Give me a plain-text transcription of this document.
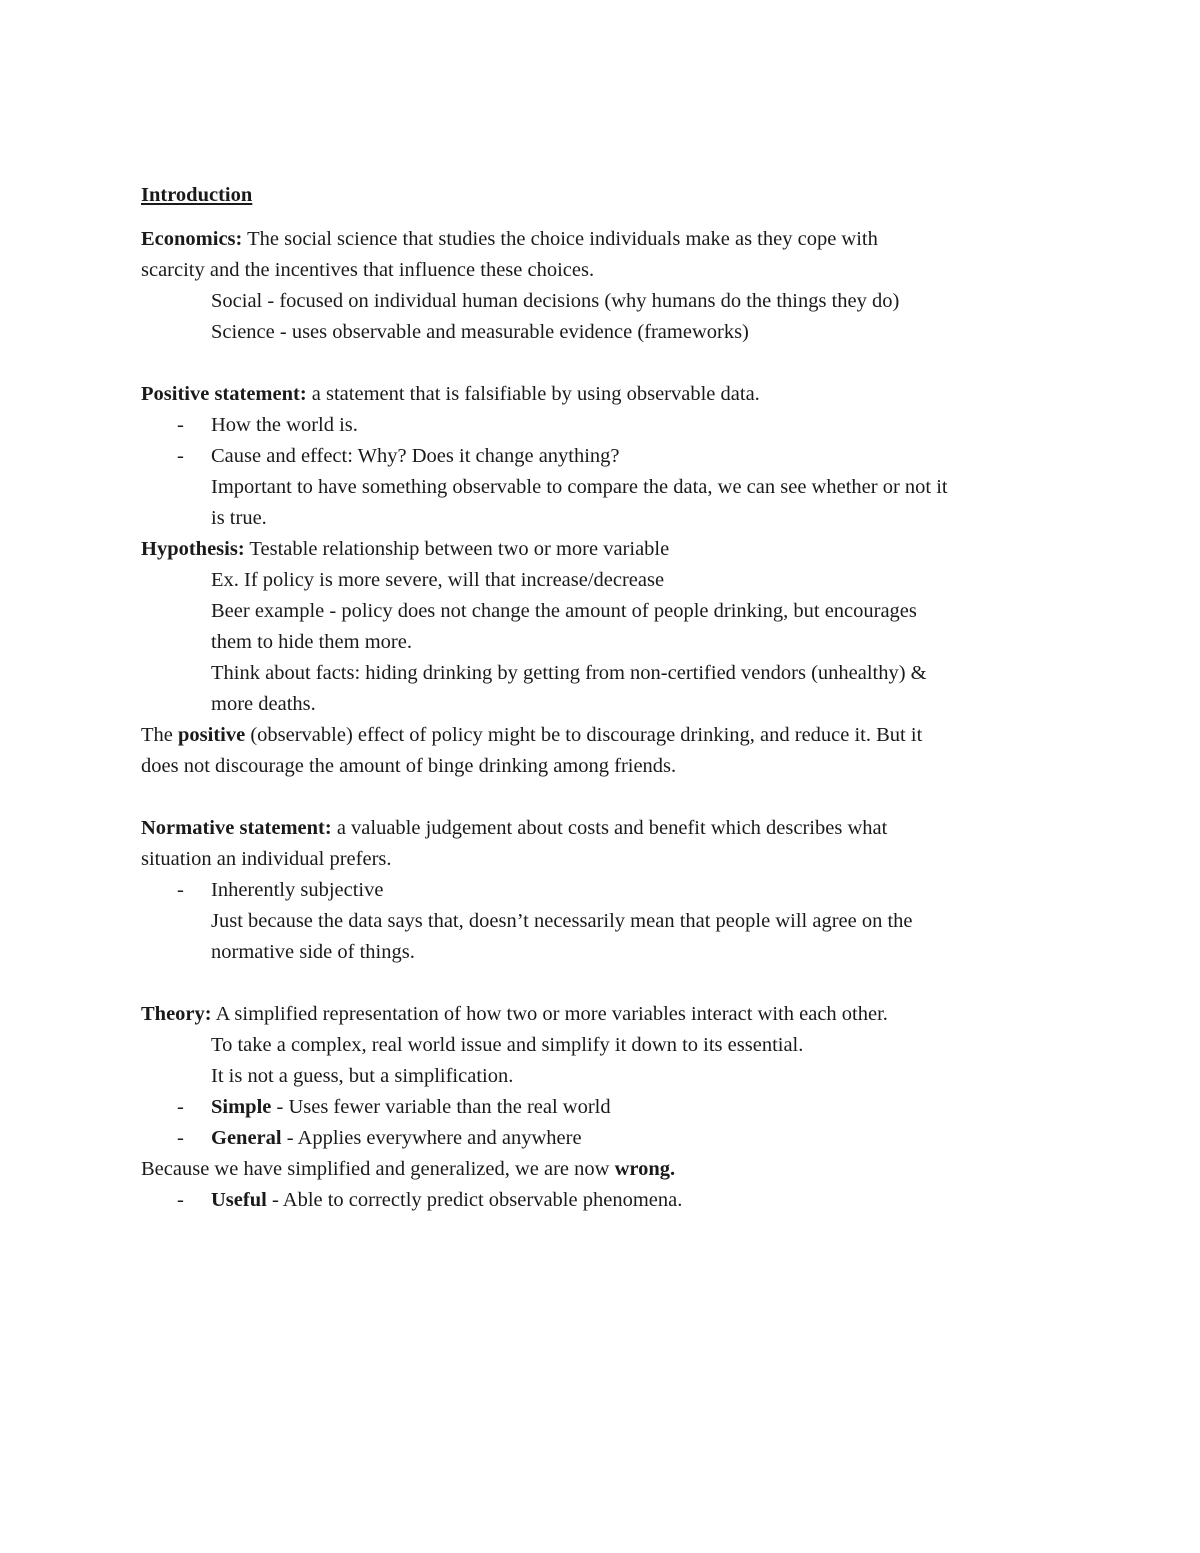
Introduction
Economics: The social science that studies the choice individuals make as they cope with
scarcity and the incentives that influence these choices.
Social - focused on individual human decisions (why humans do the things they do)
Science - uses observable and measurable evidence (frameworks)
Positive statement: a statement that is falsifiable by using observable data.
- How the world is.
- Cause and effect: Why? Does it change anything?
Important to have something observable to compare the data, we can see whether or not it
is true.
Hypothesis: Testable relationship between two or more variable
Ex. If policy is more severe, will that increase/decrease
Beer example - policy does not change the amount of people drinking, but encourages
them to hide them more.
Think about facts: hiding drinking by getting from non-certified vendors (unhealthy) &
more deaths.
The positive (observable) effect of policy might be to discourage drinking, and reduce it. But it
does not discourage the amount of binge drinking among friends.
Normative statement: a valuable judgement about costs and benefit which describes what
situation an individual prefers.
- Inherently subjective
Just because the data says that, doesn’t necessarily mean that people will agree on the
normative side of things.
Theory: A simplified representation of how two or more variables interact with each other.
To take a complex, real world issue and simplify it down to its essential.
It is not a guess, but a simplification.
- Simple - Uses fewer variable than the real world
- General - Applies everywhere and anywhere
Because we have simplified and generalized, we are now wrong.
- Useful - Able to correctly predict observable phenomena.
